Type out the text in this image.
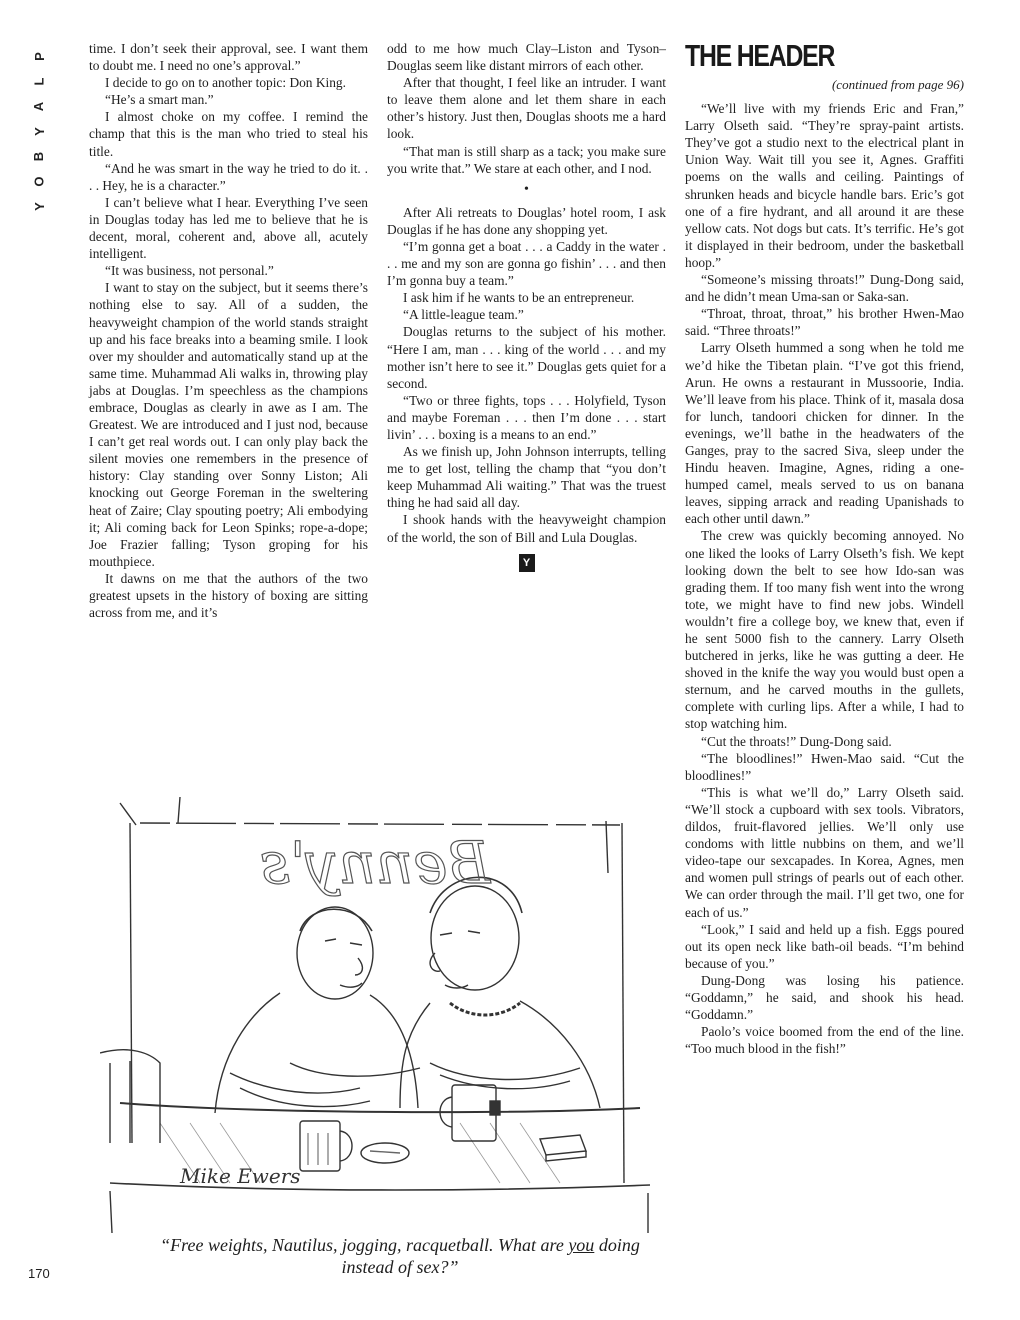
P
L
A
Y
B
O
Y

time. I don’t seek their approval, see. I want them to doubt me. I need no one’s approval.”

I decide to go on to another topic: Don King.

“He’s a smart man.”

I almost choke on my coffee. I remind the champ that this is the man who tried to steal his title.

“And he was smart in the way he tried to do it. . . . Hey, he is a character.”

I can’t believe what I hear. Everything I’ve seen in Douglas today has led me to believe that he is decent, moral, coherent and, above all, acutely intelligent.

“It was business, not personal.”

I want to stay on the subject, but it seems there’s nothing else to say. All of a sudden, the heavyweight champion of the world stands straight up and his face breaks into a beaming smile. I look over my shoulder and automatically stand up at the same time. Muhammad Ali walks in, throwing play jabs at Douglas. I’m speechless as the champions embrace, Douglas as clearly in awe as I am. The Greatest. We are introduced and I just nod, because I can’t get real words out. I can only play back the silent movies one remembers in the presence of history: Clay standing over Sonny Liston; Ali knocking out George Foreman in the sweltering heat of Zaire; Clay spouting poetry; Ali embodying it; Ali coming back for Leon Spinks; rope-a-dope; Joe Frazier falling; Tyson groping for his mouthpiece.

It dawns on me that the authors of the two greatest upsets in the history of boxing are sitting across from me, and it’s

odd to me how much Clay–Liston and Tyson–Douglas seem like distant mirrors of each other.

After that thought, I feel like an intruder. I want to leave them alone and let them share in each other’s history. Just then, Douglas shoots me a hard look.

“That man is still sharp as a tack; you make sure you write that.” We stare at each other, and I nod.

•

After Ali retreats to Douglas’ hotel room, I ask Douglas if he has done any shopping yet.

“I’m gonna get a boat . . . a Caddy in the water . . . me and my son are gonna go fishin’ . . . and then I’m gonna buy a team.”

I ask him if he wants to be an entrepreneur.

“A little-league team.”

Douglas returns to the subject of his mother. “Here I am, man . . . king of the world . . . and my mother isn’t here to see it.” Douglas gets quiet for a second.

“Two or three fights, tops . . . Holyfield, Tyson and maybe Foreman . . . then I’m done . . . start livin’ . . . boxing is a means to an end.”

As we finish up, John Johnson interrupts, telling me to get lost, telling the champ that “you don’t keep Muhammad Ali waiting.” That was the truest thing he had said all day.

I shook hands with the heavyweight champion of the world, the son of Bill and Lula Douglas.

Y
THE HEADER
(continued from page 96)

“We’ll live with my friends Eric and Fran,” Larry Olseth said. “They’re spray-paint artists. They’ve got a studio next to the electrical plant in Union Way. Wait till you see it, Agnes. Graffiti poems on the walls and ceiling. Paintings of shrunken heads and bicycle handle bars. Eric’s got one of a fire hydrant, and all around it are these yellow cats. Not dogs but cats. It’s terrific. He’s got it displayed in their bedroom, under the basketball hoop.”

“Someone’s missing throats!” Dung-Dong said, and he didn’t mean Uma-san or Saka-san.

“Throat, throat, throat,” his brother Hwen-Mao said. “Three throats!”

Larry Olseth hummed a song when he told me we’d hike the Tibetan plain. “I’ve got this friend, Arun. He owns a restaurant in Mussoorie, India. We’ll leave from his place. Think of it, masala dosa for lunch, tandoori chicken for dinner. In the evenings, we’ll bathe in the headwaters of the Ganges, pray to the sacred Siva, sleep under the Hindu heaven. Imagine, Agnes, riding a one-humped camel, meals served to us on banana leaves, sipping arrack and reading Upanishads to each other until dawn.”

The crew was quickly becoming annoyed. No one liked the looks of Larry Olseth’s fish. We kept looking down the belt to see how Ido-san was grading them. If too many fish went into the wrong tote, we might have to find new jobs. Windell wouldn’t fire a college boy, we knew that, even if he sent 5000 fish to the cannery. Larry Olseth butchered in jerks, like he was gutting a deer. He shoved in the knife the way you would bust open a sternum, and he carved mouths in the gullets, complete with curling lips. After a while, I had to stop watching him.

“Cut the throats!” Dung-Dong said.

“The bloodlines!” Hwen-Mao said. “Cut the bloodlines!”

“This is what we’ll do,” Larry Olseth said. “We’ll stock a cupboard with sex tools. Vibrators, dildos, fruit-flavored jellies. We’ll only use condoms with little nubbins on them, and we’ll video-tape our sexcapades. In Korea, Agnes, men and women pull strings of pearls out of each other. We can order through the mail. I’ll get two, one for each of us.”

“Look,” I said and held up a fish. Eggs poured out its open neck like bath-oil beads. “I’m behind because of you.”

Dung-Dong was losing his patience. “Goddamn,” he said, and shook his head. “Goddamn.”

Paolo’s voice boomed from the end of the line. “Too much blood in the fish!”

Benny's
Mike Ewers
“Free weights, Nautilus, jogging, racquetball. What are you doing instead of sex?”
170
